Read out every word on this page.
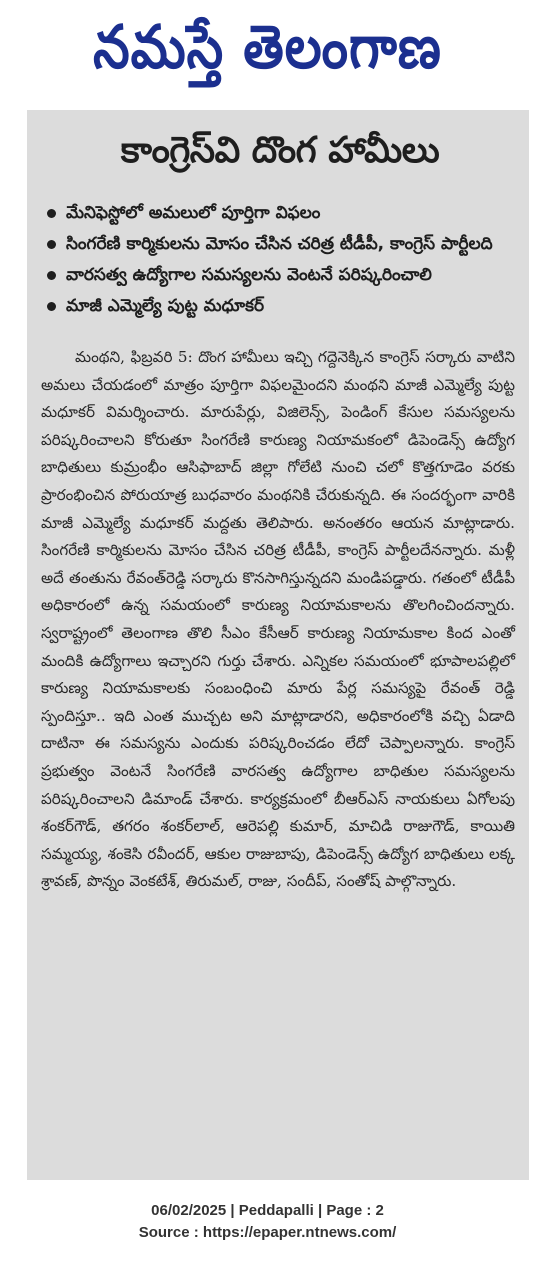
నమస్తే తెలంగాణ
కాంగ్రెస్‌వి దొంగ హామీలు
మేనిఫెస్టోలో అమలులో పూర్తిగా విఫలం
సింగరేణి కార్మికులను మోసం చేసిన చరిత్ర టీడీపీ, కాంగ్రెస్ పార్టీలది
వారసత్వ ఉద్యోగాల సమస్యలను వెంటనే పరిష్కరించాలి
మాజీ ఎమ్మెల్యే పుట్ట మధూకర్

మంథని, ఫిబ్రవరి 5: దొంగ హామీలు ఇచ్చి గద్దెనెక్కిన కాంగ్రెస్ సర్కారు వాటిని అమలు చేయడంలో మాత్రం పూర్తిగా విఫలమైందని మంథని మాజీ ఎమ్మెల్యే పుట్ట మధూకర్ విమర్శించారు. మారుపేర్లు, విజిలెన్స్, పెండింగ్ కేసుల సమస్యలను పరిష్కరించాలని కోరుతూ సింగరేణి కారుణ్య నియామకంలో డిపెండెన్స్ ఉద్యోగ బాధితులు కుమ్రంభీం ఆసిఫాబాద్ జిల్లా గోలేటి నుంచి చలో కొత్తగూడెం వరకు ప్రారంభించిన పోరుయాత్ర బుధవారం మంథనికి చేరుకున్నది. ఈ సందర్భంగా వారికి మాజీ ఎమ్మెల్యే మధూకర్ మద్దతు తెలిపారు. అనంతరం ఆయన మాట్లాడారు. సింగరేణి కార్మికులను మోసం చేసిన చరిత్ర టీడీపీ, కాంగ్రెస్ పార్టీలదేనన్నారు. మళ్లీ అదే తంతును రేవంత్‌రెడ్డి సర్కారు కొనసాగిస్తున్నదని మండిపడ్డారు. గతంలో టీడీపీ అధికారంలో ఉన్న సమయంలో కారుణ్య నియామకాలను తొలగించిందన్నారు. స్వరాష్ట్రంలో తెలంగాణ తొలి సీఎం కేసీఆర్ కారుణ్య నియామకాల కింద ఎంతో మందికి ఉద్యోగాలు ఇచ్చారని గుర్తు చేశారు. ఎన్నికల సమయంలో భూపాలపల్లిలో కారుణ్య నియామకాలకు సంబంధించి మారు పేర్ల సమస్యపై రేవంత్ రెడ్డి స్పందిస్తూ.. ఇది ఎంత ముచ్చట అని మాట్లాడారని, అధికారంలోకి వచ్చి ఏడాది దాటినా ఈ సమస్యను ఎందుకు పరిష్కరించడం లేదో చెప్పాలన్నారు. కాంగ్రెస్ ప్రభుత్వం వెంటనే సింగరేణి వారసత్వ ఉద్యోగాల బాధితుల సమస్యలను పరిష్కరించాలని డిమాండ్ చేశారు. కార్యక్రమంలో బీఆర్ఎస్ నాయకులు ఏగోలపు శంకర్‌గౌడ్, తగరం శంకర్‌లాల్, ఆరెపల్లి కుమార్, మాచిడి రాజుగౌడ్, కాయితి సమ్మయ్య, శంకెసి రవీందర్, ఆకుల రాజుబాపు, డిపెండెన్స్ ఉద్యోగ బాధితులు లక్క శ్రావణ్, పొన్నం వెంకటేశ్, తిరుమల్, రాజు, సందీప్, సంతోష్ పాల్గొన్నారు.

06/02/2025 | Peddapalli | Page : 2
Source : https://epaper.ntnews.com/
